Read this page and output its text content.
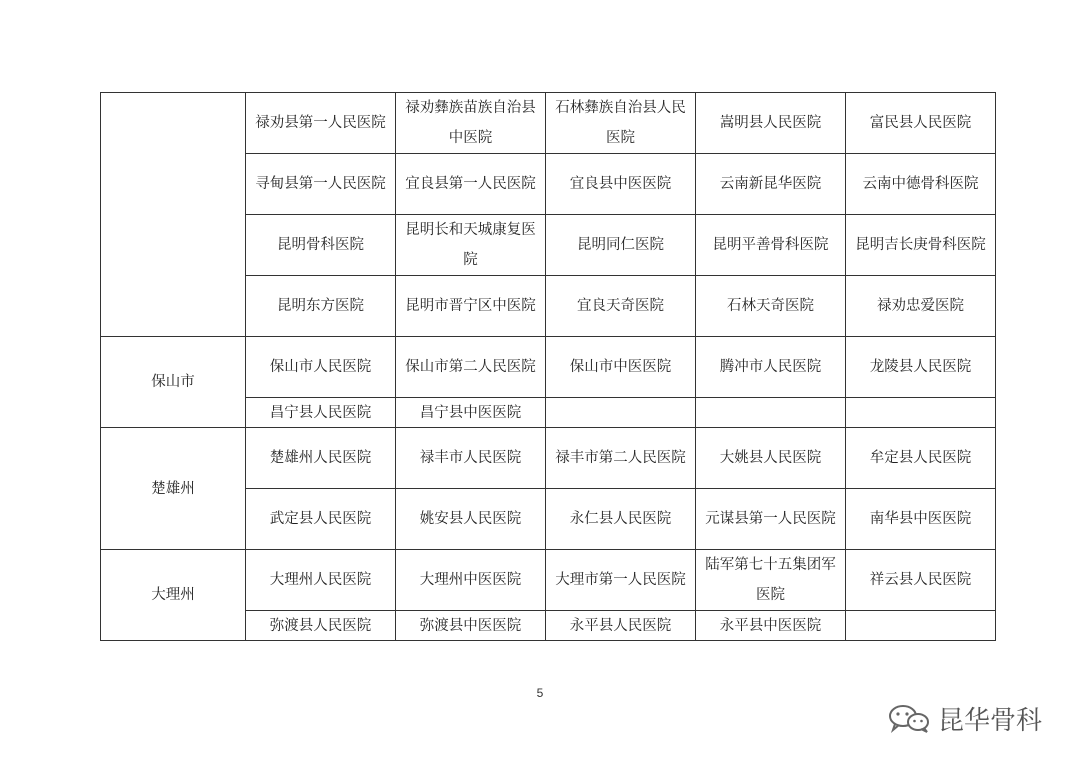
	禄劝县第一人民医院	禄劝彝族苗族自治县中医院	石林彝族自治县人民医院	嵩明县人民医院	富民县人民医院
	寻甸县第一人民医院	宜良县第一人民医院	宜良县中医医院	云南新昆华医院	云南中德骨科医院
	昆明骨科医院	昆明长和天城康复医院	昆明同仁医院	昆明平善骨科医院	昆明吉长庚骨科医院
	昆明东方医院	昆明市晋宁区中医院	宜良天奇医院	石林天奇医院	禄劝忠爱医院
保山市	保山市人民医院	保山市第二人民医院	保山市中医医院	腾冲市人民医院	龙陵县人民医院
	昌宁县人民医院	昌宁县中医医院			
楚雄州	楚雄州人民医院	禄丰市人民医院	禄丰市第二人民医院	大姚县人民医院	牟定县人民医院
	武定县人民医院	姚安县人民医院	永仁县人民医院	元谋县第一人民医院	南华县中医医院
大理州	大理州人民医院	大理州中医医院	大理市第一人民医院	陆军第七十五集团军医院	祥云县人民医院
	弥渡县人民医院	弥渡县中医医院	永平县人民医院	永平县中医医院	
5
昆华骨科
